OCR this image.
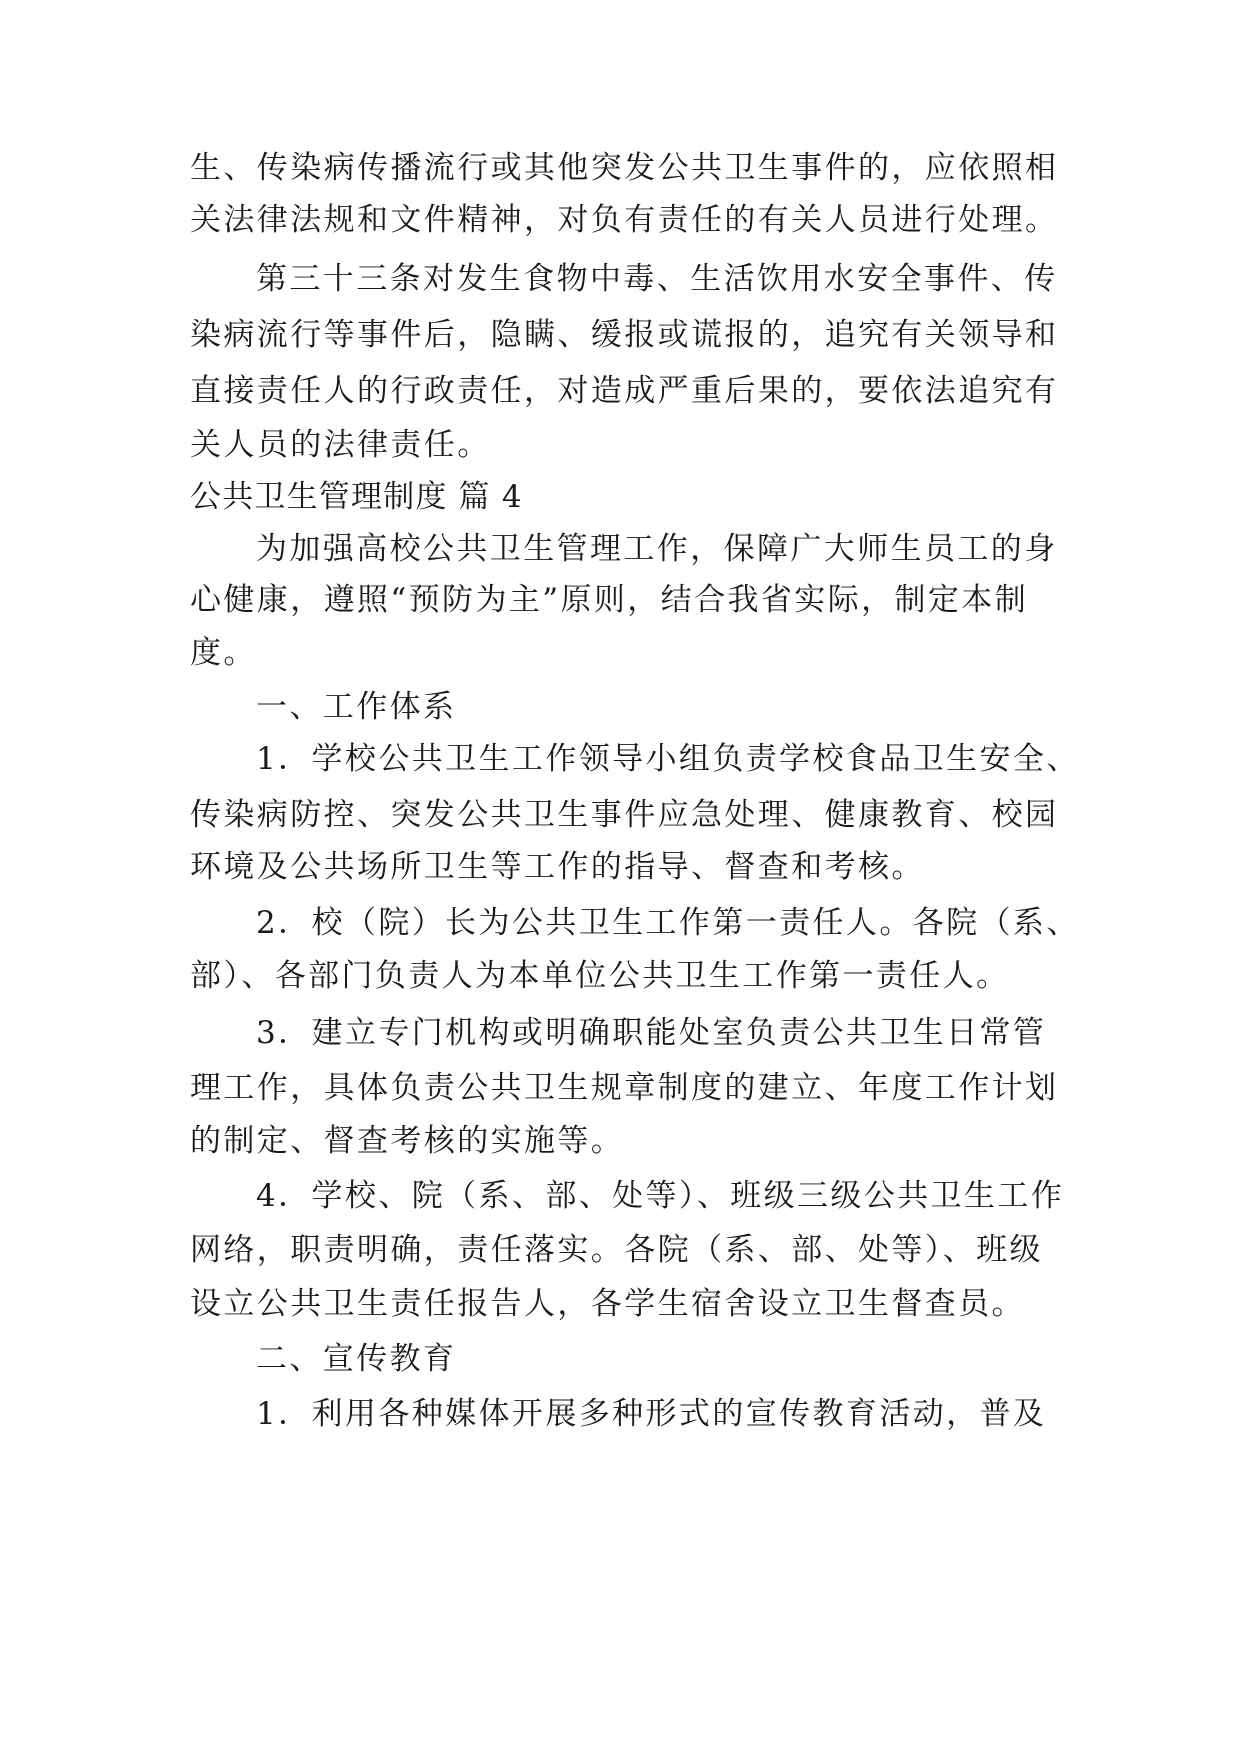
生、传染病传播流行或其他突发公共卫生事件的，应依照相
关法律法规和文件精神，对负有责任的有关人员进行处理。
第三十三条对发生食物中毒、生活饮用水安全事件、传
染病流行等事件后，隐瞒、缓报或谎报的，追究有关领导和
直接责任人的行政责任，对造成严重后果的，要依法追究有
关人员的法律责任。
公共卫生管理制度 篇 4
为加强高校公共卫生管理工作，保障广大师生员工的身
心健康，遵照“预防为主”原则，结合我省实际，制定本制
度。
一、工作体系
1．学校公共卫生工作领导小组负责学校食品卫生安全、
传染病防控、突发公共卫生事件应急处理、健康教育、校园
环境及公共场所卫生等工作的指导、督查和考核。
2．校（院）长为公共卫生工作第一责任人。各院（系、
部）、各部门负责人为本单位公共卫生工作第一责任人。
3．建立专门机构或明确职能处室负责公共卫生日常管
理工作，具体负责公共卫生规章制度的建立、年度工作计划
的制定、督查考核的实施等。
4．学校、院（系、部、处等）、班级三级公共卫生工作
网络，职责明确，责任落实。各院（系、部、处等）、班级
设立公共卫生责任报告人，各学生宿舍设立卫生督查员。
二、宣传教育
1．利用各种媒体开展多种形式的宣传教育活动，普及
